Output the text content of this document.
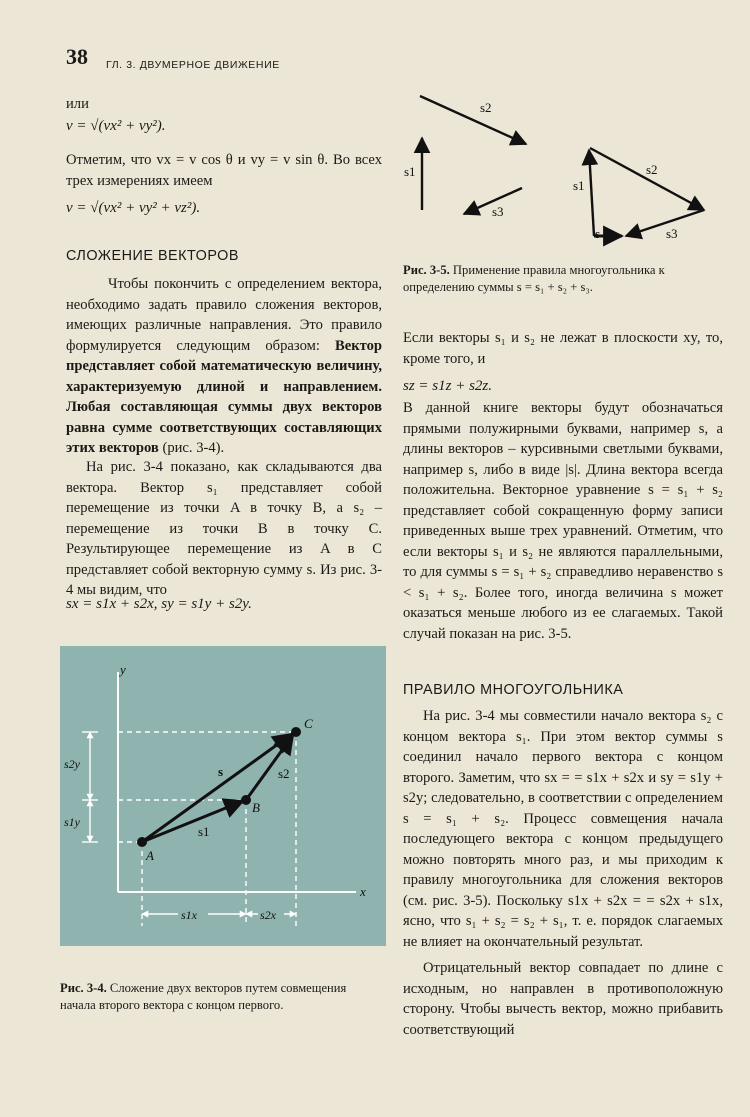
38 ГЛ. 3. ДВУМЕРНОЕ ДВИЖЕНИЕ
или
v = √(vx² + vy²).

Отметим, что vx = v cos θ и vy = v sin θ. Во всех трех измерениях имеем

v = √(vx² + vy² + vz²).
СЛОЖЕНИЕ ВЕКТОРОВ

Чтобы покончить с определением вектора, необходимо задать правило сложения векторов, имеющих различные направления. Это правило формулируется следующим образом: Вектор представляет собой математическую величину, характеризуемую длиной и направлением. Любая составляющая суммы двух векторов равна сумме соответствующих составляющих этих векторов (рис. 3-4).

На рис. 3-4 показано, как складываются два вектора. Вектор s₁ представляет собой перемещение из точки A в точку B, а s₂ – перемещение из точки B в точку C. Результирующее перемещение из A в C представляет собой векторную сумму s. Из рис. 3-4 мы видим, что

sx = s1x + s2x, sy = s1y + s2y.
y
x
s2y
s1y
s1x	s2x
A
B
C
s
s1
s2

Рис. 3-4. Сложение двух векторов путем совмещения начала второго вектора с концом первого.

s2
s1
s3
s1
s2
s3
s

Рис. 3-5. Применение правила многоугольника к определению суммы s = s₁ + s₂ + s₃.

Если векторы s₁ и s₂ не лежат в плоскости xy, то, кроме того, и

sz = s1z + s2z.

В данной книге векторы будут обозначаться прямыми полужирными буквами, например s, а длины векторов – курсивными светлыми буквами, например s, либо в виде |s|. Длина вектора всегда положительна. Векторное уравнение s = s₁ + s₂ представляет собой сокращенную форму записи приведенных выше трех уравнений. Отметим, что если векторы s₁ и s₂ не являются параллельными, то для суммы s = s₁ + s₂ справедливо неравенство s < s₁ + s₂. Более того, иногда величина s может оказаться меньше любого из ее слагаемых. Такой случай показан на рис. 3-5.

ПРАВИЛО МНОГОУГОЛЬНИКА

На рис. 3-4 мы совместили начало вектора s₂ с концом вектора s₁. При этом вектор суммы s соединил начало первого вектора с концом второго. Заметим, что sx = = s1x + s2x и sy = s1y + s2y; следовательно, в соответствии с определением s = s₁ + s₂. Процесс совмещения начала последующего вектора с концом предыдущего можно повторять много раз, и мы приходим к правилу многоугольника для сложения векторов (см. рис. 3-5). Поскольку s1x + s2x = = s2x + s1x, ясно, что s₁ + s₂ = s₂ + s₁, т. е. порядок слагаемых не влияет на окончательный результат.

Отрицательный вектор совпадает по длине с исходным, но направлен в противоположную сторону. Чтобы вычесть вектор, можно прибавить соответствующий
